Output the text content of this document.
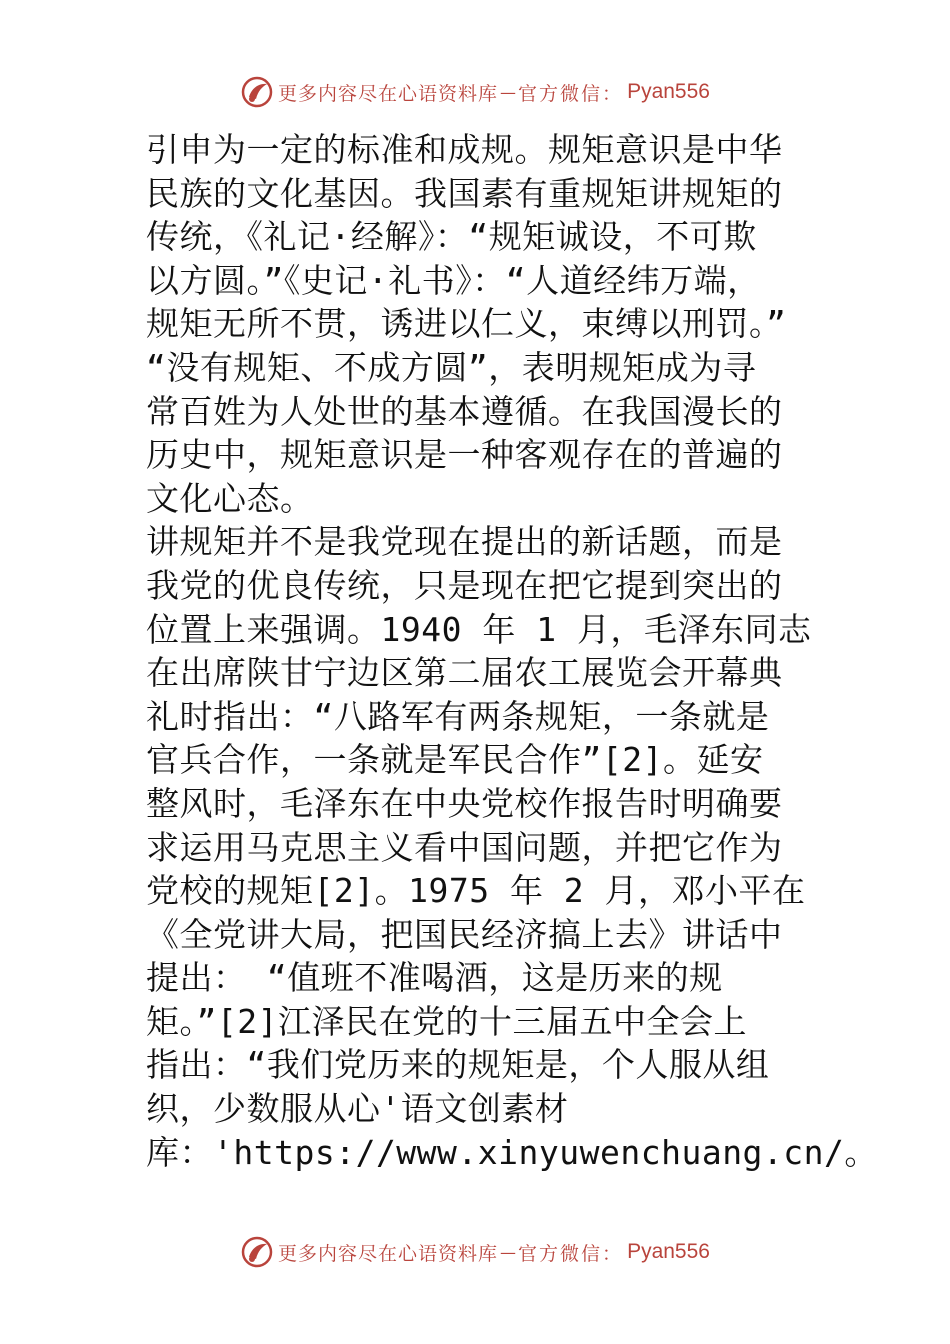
更多内容尽在心语资料库 — 官方微信： Pyan556
引申为一定的标准和成规。规矩意识是中华
民族的文化基因。我国素有重规矩讲规矩的
传统，《礼记·经解》：“规矩诚设，不可欺
以方圆。”《史记·礼书》：“人道经纬万端，
规矩无所不贯，诱进以仁义，束缚以刑罚。”
“没有规矩、不成方圆”，表明规矩成为寻
常百姓为人处世的基本遵循。在我国漫长的
历史中，规矩意识是一种客观存在的普遍的
文化心态。
讲规矩并不是我党现在提出的新话题，而是
我党的优良传统，只是现在把它提到突出的
位置上来强调。1940 年 1 月，毛泽东同志
在出席陕甘宁边区第二届农工展览会开幕典
礼时指出：“八路军有两条规矩，一条就是
官兵合作，一条就是军民合作”[2]。延安
整风时，毛泽东在中央党校作报告时明确要
求运用马克思主义看中国问题，并把它作为
党校的规矩[2]。1975 年 2 月，邓小平在
《全党讲大局，把国民经济搞上去》讲话中
提出： “值班不准喝酒，这是历来的规
矩。”[2]江泽民在党的十三届五中全会上
指出：“我们党历来的规矩是，个人服从组
织，少数服从心'语文创素材
库：'https://www.xinyuwenchuang.cn/。
更多内容尽在心语资料库 — 官方微信： Pyan556
